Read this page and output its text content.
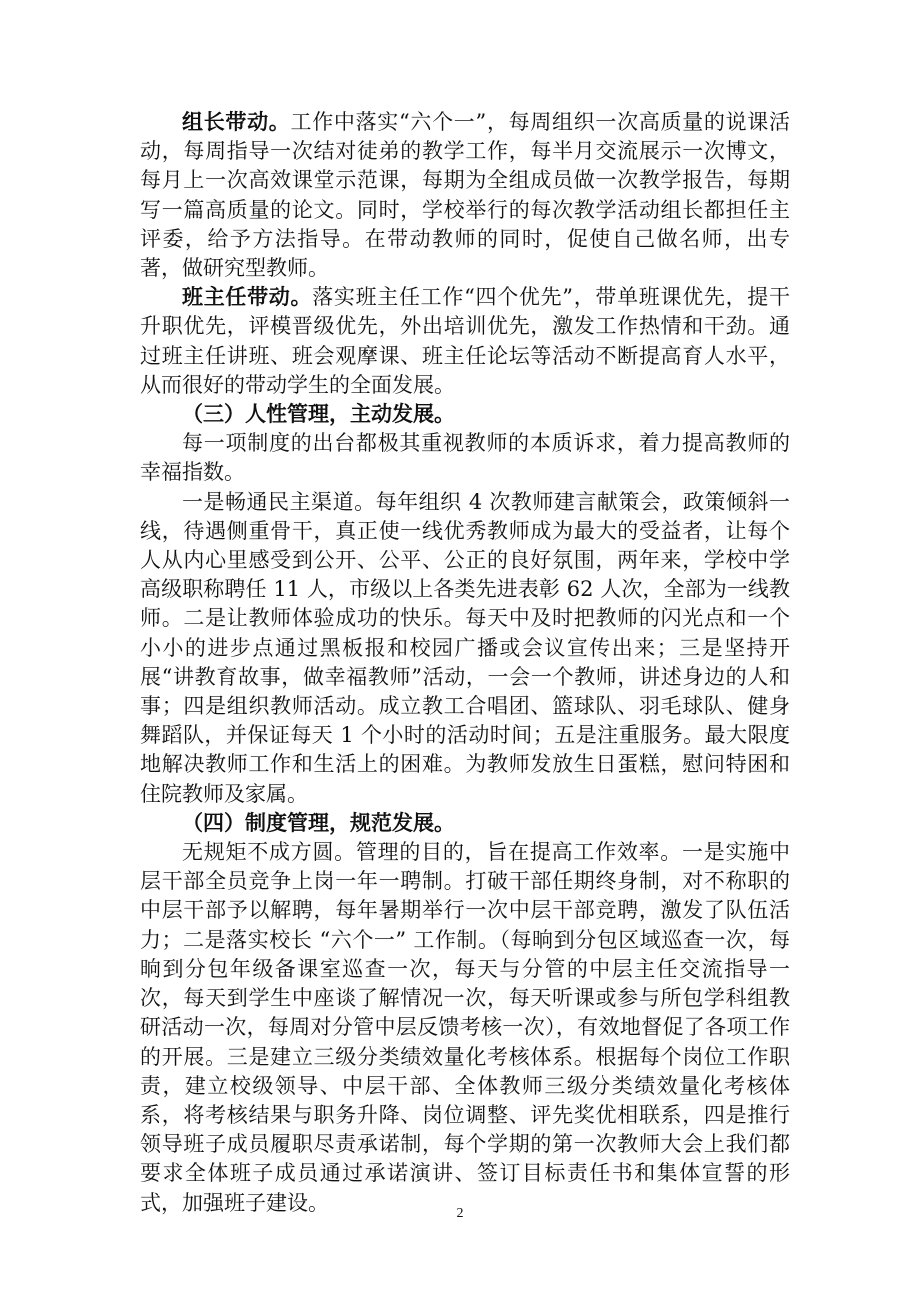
组长带动。工作中落实“六个一”，每周组织一次高质量的说课活动，每周指导一次结对徒弟的教学工作，每半月交流展示一次博文，每月上一次高效课堂示范课，每期为全组成员做一次教学报告，每期写一篇高质量的论文。同时，学校举行的每次教学活动组长都担任主评委，给予方法指导。在带动教师的同时，促使自己做名师，出专著，做研究型教师。

班主任带动。落实班主任工作“四个优先”，带单班课优先，提干升职优先，评模晋级优先，外出培训优先，激发工作热情和干劲。通过班主任讲班、班会观摩课、班主任论坛等活动不断提高育人水平，从而很好的带动学生的全面发展。

（三）人性管理，主动发展。

每一项制度的出台都极其重视教师的本质诉求，着力提高教师的幸福指数。

一是畅通民主渠道。每年组织 4 次教师建言献策会，政策倾斜一线，待遇侧重骨干，真正使一线优秀教师成为最大的受益者，让每个人从内心里感受到公开、公平、公正的良好氛围，两年来，学校中学高级职称聘任 11 人，市级以上各类先进表彰 62 人次，全部为一线教师。二是让教师体验成功的快乐。每天中及时把教师的闪光点和一个小小的进步点通过黑板报和校园广播或会议宣传出来；三是坚持开展“讲教育故事，做幸福教师”活动，一会一个教师，讲述身边的人和事；四是组织教师活动。成立教工合唱团、篮球队、羽毛球队、健身舞蹈队，并保证每天 1 个小时的活动时间；五是注重服务。最大限度地解决教师工作和生活上的困难。为教师发放生日蛋糕，慰问特困和住院教师及家属。

（四）制度管理，规范发展。

无规矩不成方圆。管理的目的，旨在提高工作效率。一是实施中层干部全员竞争上岗一年一聘制。打破干部任期终身制，对不称职的中层干部予以解聘，每年暑期举行一次中层干部竞聘，激发了队伍活力；二是落实校长 “六个一” 工作制。（每晌到分包区域巡查一次，每晌到分包年级备课室巡查一次，每天与分管的中层主任交流指导一次，每天到学生中座谈了解情况一次，每天听课或参与所包学科组教研活动一次，每周对分管中层反馈考核一次），有效地督促了各项工作的开展。三是建立三级分类绩效量化考核体系。根据每个岗位工作职责，建立校级领导、中层干部、全体教师三级分类绩效量化考核体系，将考核结果与职务升降、岗位调整、评先奖优相联系，四是推行领导班子成员履职尽责承诺制，每个学期的第一次教师大会上我们都要求全体班子成员通过承诺演讲、签订目标责任书和集体宣誓的形式，加强班子建设。	2
